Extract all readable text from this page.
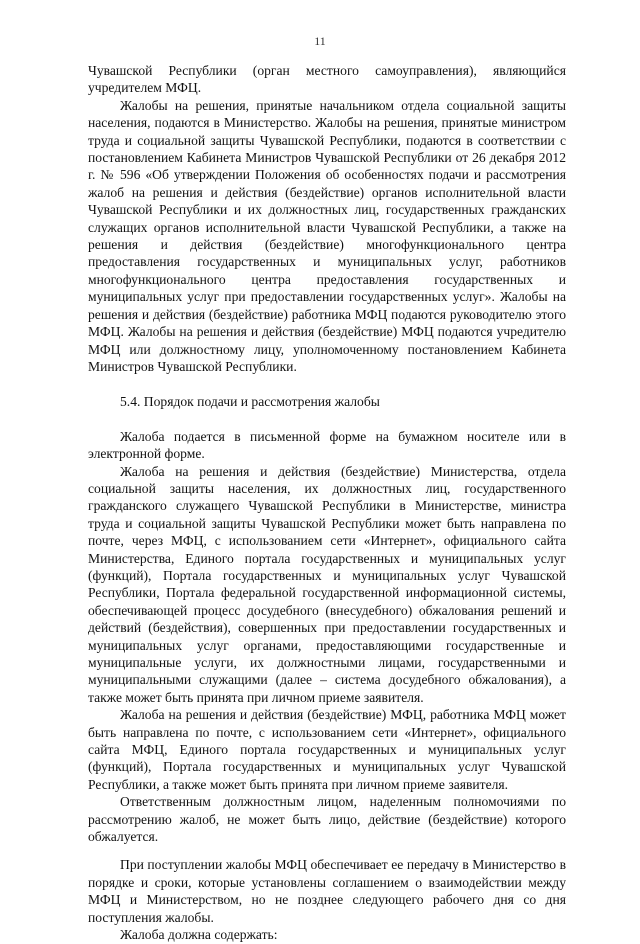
11

Чувашской Республики (орган местного самоуправления), являющийся учредителем МФЦ.

Жалобы на решения, принятые начальником отдела социальной защиты населения, подаются в Министерство. Жалобы на решения, принятые министром труда и социальной защиты Чувашской Республики, подаются в соответствии с постановлением Кабинета Министров Чувашской Республики от 26 декабря 2012 г. № 596 «Об утверждении Положения об особенностях подачи и рассмотрения жалоб на решения и действия (бездействие) органов исполнительной власти Чувашской Республики и их должностных лиц, государственных гражданских служащих органов исполнительной власти Чувашской Республики, а также на решения и действия (бездействие) многофункционального центра предоставления государственных и муниципальных услуг, работников многофункционального центра предоставления государственных и муниципальных услуг при предоставлении государственных услуг». Жалобы на решения и действия (бездействие) работника МФЦ подаются руководителю этого МФЦ. Жалобы на решения и действия (бездействие) МФЦ подаются учредителю МФЦ или должностному лицу, уполномоченному постановлением Кабинета Министров Чувашской Республики.

5.4. Порядок подачи и рассмотрения жалобы

Жалоба подается в письменной форме на бумажном носителе или в электронной форме.

Жалоба на решения и действия (бездействие) Министерства, отдела социальной защиты населения, их должностных лиц, государственного гражданского служащего Чувашской Республики в Министерстве, министра труда и социальной защиты Чувашской Республики может быть направлена по почте, через МФЦ, с использованием сети «Интернет», официального сайта Министерства, Единого портала государственных и муниципальных услуг (функций), Портала государственных и муниципальных услуг Чувашской Республики, Портала федеральной государственной информационной системы, обеспечивающей процесс досудебного (внесудебного) обжалования решений и действий (бездействия), совершенных при предоставлении государственных и муниципальных услуг органами, предоставляющими государственные и муниципальные услуги, их должностными лицами, государственными и муниципальными служащими (далее – система досудебного обжалования), а также может быть принята при личном приеме заявителя.

Жалоба на решения и действия (бездействие) МФЦ, работника МФЦ может быть направлена по почте, с использованием сети «Интернет», официального сайта МФЦ, Единого портала государственных и муниципальных услуг (функций), Портала государственных и муниципальных услуг Чувашской Республики, а также может быть принята при личном приеме заявителя.

Ответственным должностным лицом, наделенным полномочиями по рассмотрению жалоб, не может быть лицо, действие (бездействие) которого обжалуется.

При поступлении жалобы МФЦ обеспечивает ее передачу в Министерство в порядке и сроки, которые установлены соглашением о взаимодействии между МФЦ и Министерством, но не позднее следующего рабочего дня со дня поступления жалобы.

Жалоба должна содержать:
